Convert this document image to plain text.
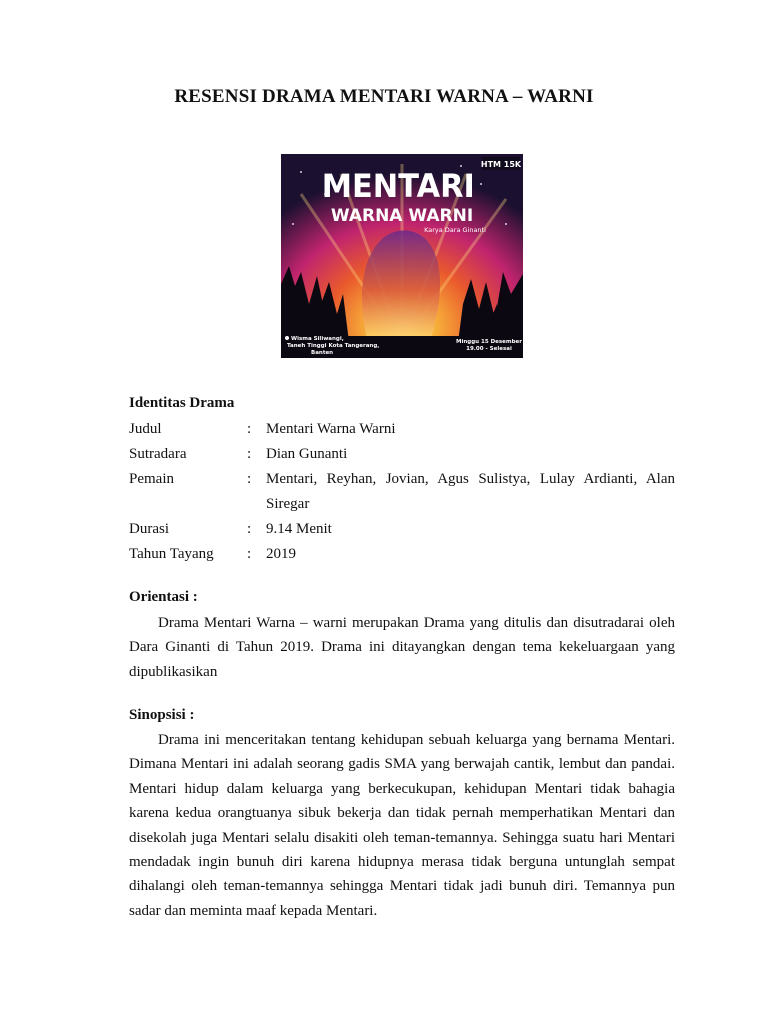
RESENSI DRAMA MENTARI WARNA – WARNI
HTM 15K
MENTARI
WARNA WARNI
Karya Dara Ginanti
Wisma Siliwangi,
Taneh Tinggi Kota Tangerang,
Banten
Minggu 15 Desember
19.00 - Selesai
Identitas Drama
Judul	: Mentari Warna Warni
Sutradara	: Dian Gunanti
Pemain	: Mentari, Reyhan, Jovian, Agus Sulistya, Lulay Ardianti, Alan Siregar
Durasi	: 9.14 Menit
Tahun Tayang : 2019
Orientasi :
Drama Mentari Warna – warni merupakan Drama yang ditulis dan disutradarai oleh Dara Ginanti di Tahun 2019. Drama ini ditayangkan dengan tema kekeluargaan yang dipublikasikan
Sinopsisi :
Drama ini menceritakan tentang kehidupan sebuah keluarga yang bernama Mentari. Dimana Mentari ini adalah seorang gadis SMA yang berwajah cantik, lembut dan pandai. Mentari hidup dalam keluarga yang berkecukupan, kehidupan Mentari tidak bahagia karena kedua orangtuanya sibuk bekerja dan tidak pernah memperhatikan Mentari dan disekolah juga Mentari selalu disakiti oleh teman-temannya. Sehingga suatu hari Mentari mendadak ingin bunuh diri karena hidupnya merasa tidak berguna untunglah sempat dihalangi oleh teman-temannya sehingga Mentari tidak jadi bunuh diri. Temannya pun sadar dan meminta maaf kepada Mentari.
